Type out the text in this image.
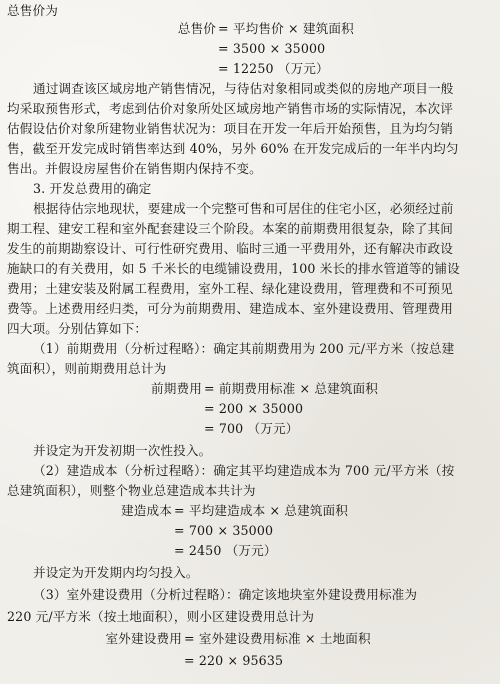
总售价为
总售价 = 平均售价 × 建筑面积
= 3500 × 35000
= 12250 （万元）
通过调查该区域房地产销售情况，与待估对象相同或类似的房地产项目一般
均采取预售形式，考虑到估价对象所处区域房地产销售市场的实际情况，本次评
估假设估价对象所建物业销售状况为：项目在开发一年后开始预售，且为均匀销
售，截至开发完成时销售率达到 40%，另外 60% 在开发完成后的一年半内均匀
售出。并假设房屋售价在销售期内保持不变。
3. 开发总费用的确定
根据待估宗地现状，要建成一个完整可售和可居住的住宅小区，必须经过前
期工程、建安工程和室外配套建设三个阶段。本案的前期费用很复杂，除了其间
发生的前期勘察设计、可行性研究费用、临时三通一平费用外，还有解决市政设
施缺口的有关费用，如 5 千米长的电缆铺设费用，100 米长的排水管道等的铺设
费用；土建安装及附属工程费用，室外工程、绿化建设费用，管理费和不可预见
费等。上述费用经归类，可分为前期费用、建造成本、室外建设费用、管理费用
四大项。分别估算如下：
（1）前期费用（分析过程略）：确定其前期费用为 200 元/平方米（按总建
筑面积），则前期费用总计为
前期费用 = 前期费用标准 × 总建筑面积
= 200 × 35000
= 700 （万元）
并设定为开发初期一次性投入。
（2）建造成本（分析过程略）：确定其平均建造成本为 700 元/平方米（按
总建筑面积），则整个物业总建造成本共计为
建造成本 = 平均建造成本 × 总建筑面积
= 700 × 35000
= 2450 （万元）
并设定为开发期内均匀投入。
（3）室外建设费用（分析过程略）：确定该地块室外建设费用标准为
220 元/平方米（按土地面积），则小区建设费用总计为
室外建设费用 = 室外建设费用标准 × 土地面积
= 220 × 95635
